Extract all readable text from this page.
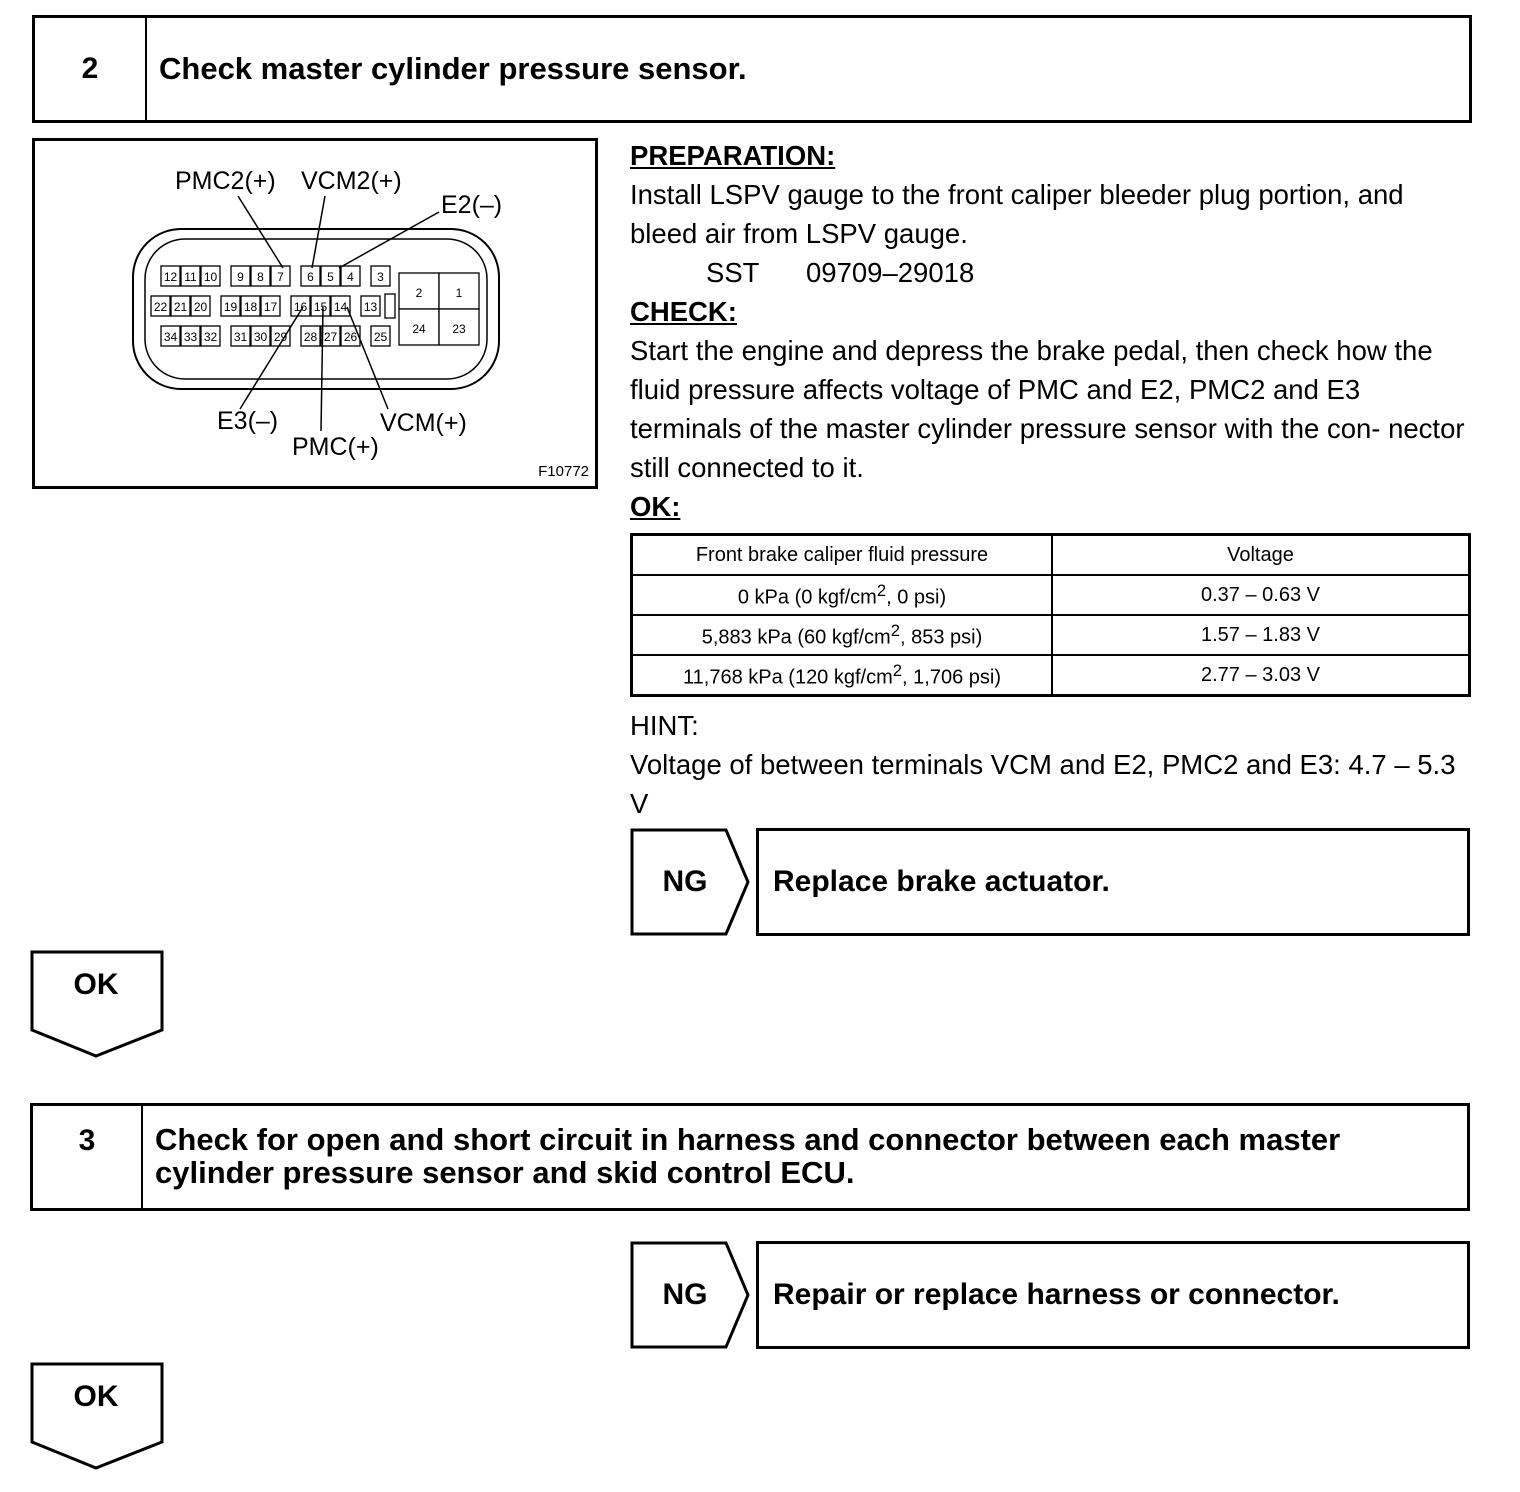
2	Check master cylinder pressure sensor.
12 11 10 9 8 7 6 5 4 3
22 21 20 19 18 17 16 15 14 13
34 33 32 31 30 29 28 27 26 25
2	1
24 23
PMC2(+) VCM2(+)
E2(–)
E3(–)
PMC(+)
VCM(+)
F10772

PREPARATION:

Install LSPV gauge to the front caliper bleeder plug portion, and bleed air from LSPV gauge.

SST 09709–29018

CHECK:

Start the engine and depress the brake pedal, then check how the fluid pressure affects voltage of PMC and E2, PMC2 and E3 terminals of the master cylinder pressure sensor with the con- nector still connected to it.

OK:

Front brake caliper fluid pressure	Voltage
0 kPa (0 kgf/$cm^2$, 0 psi)	0.37 – 0.63 V
5,883 kPa (60 kgf/$cm^2$, 853 psi)	1.57 – 1.83 V
11,768 kPa (120 kgf/$cm^2$, 1,706 psi)	2.77 – 3.03 V

HINT:

Voltage of between terminals VCM and E2, PMC2 and E3: 4.7 – 5.3 V

NG	Replace brake actuator.
OK
3	Check for open and short circuit in harness and connector between each master cylinder pressure sensor and skid control ECU.
NG	Repair or replace harness or connector.
OK
